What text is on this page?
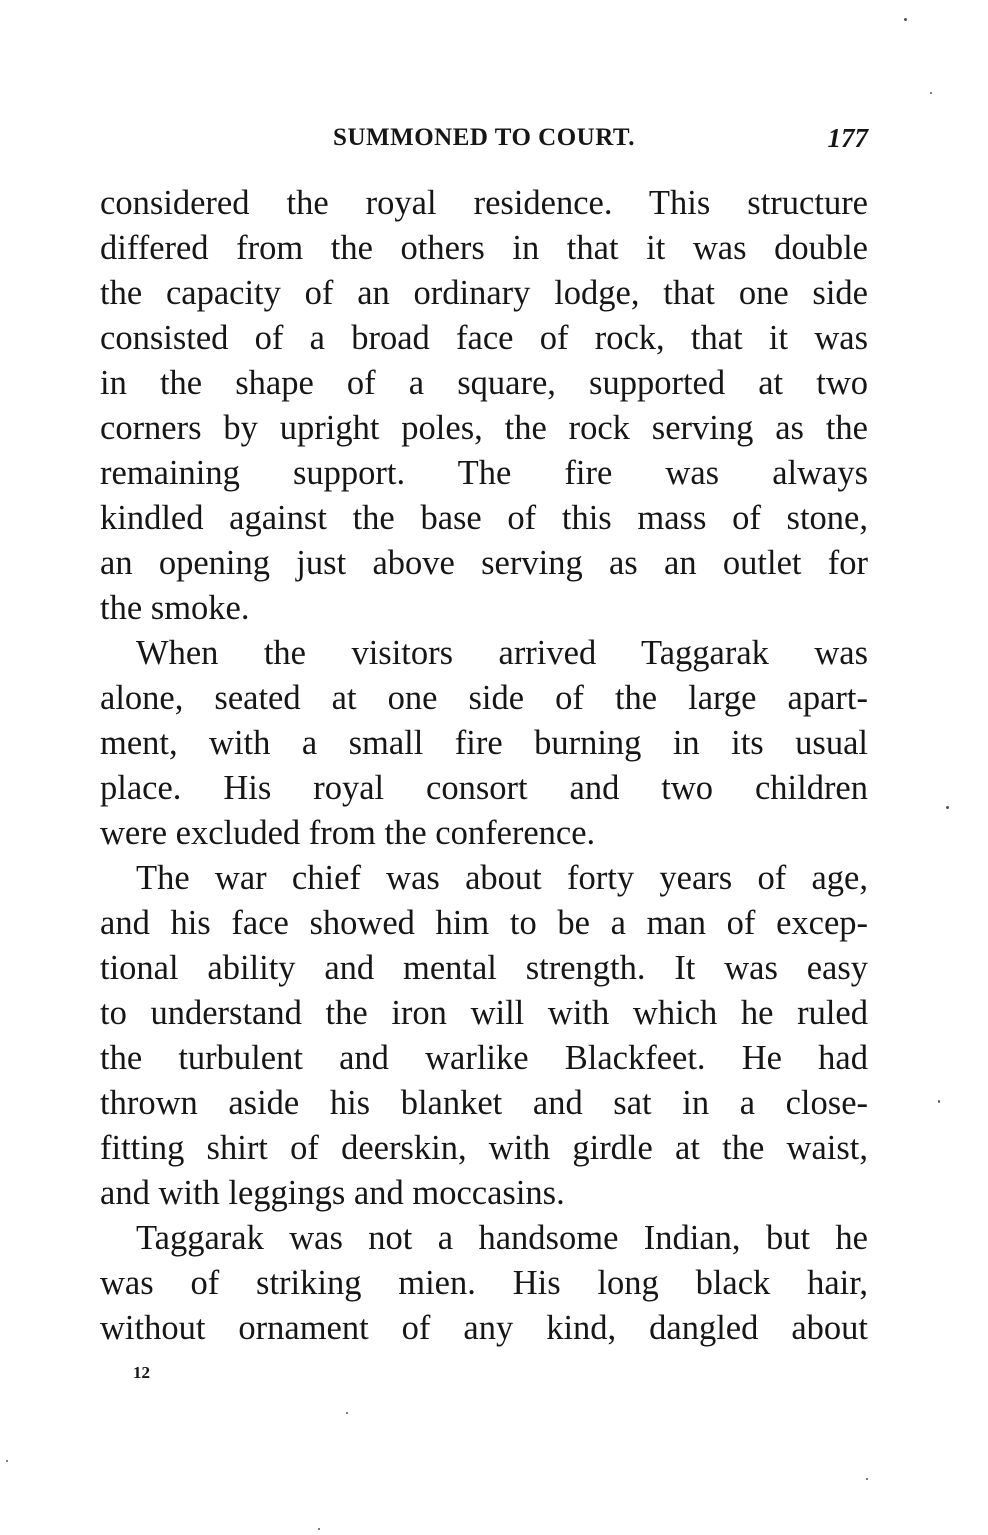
SUMMONED TO COURT.	177
considered the royal residence. This structure
differed from the others in that it was double
the capacity of an ordinary lodge, that one side
consisted of a broad face of rock, that it was
in the shape of a square, supported at two
corners by upright poles, the rock serving as the
remaining support. The fire was always
kindled against the base of this mass of stone,
an opening just above serving as an outlet for
the smoke.
When the visitors arrived Taggarak was
alone, seated at one side of the large apart-
ment, with a small fire burning in its usual
place. His royal consort and two children
were excluded from the conference.
The war chief was about forty years of age,
and his face showed him to be a man of excep-
tional ability and mental strength. It was easy
to understand the iron will with which he ruled
the turbulent and warlike Blackfeet. He had
thrown aside his blanket and sat in a close-
fitting shirt of deerskin, with girdle at the waist,
and with leggings and moccasins.
Taggarak was not a handsome Indian, but he
was of striking mien. His long black hair,
without ornament of any kind, dangled about
12
